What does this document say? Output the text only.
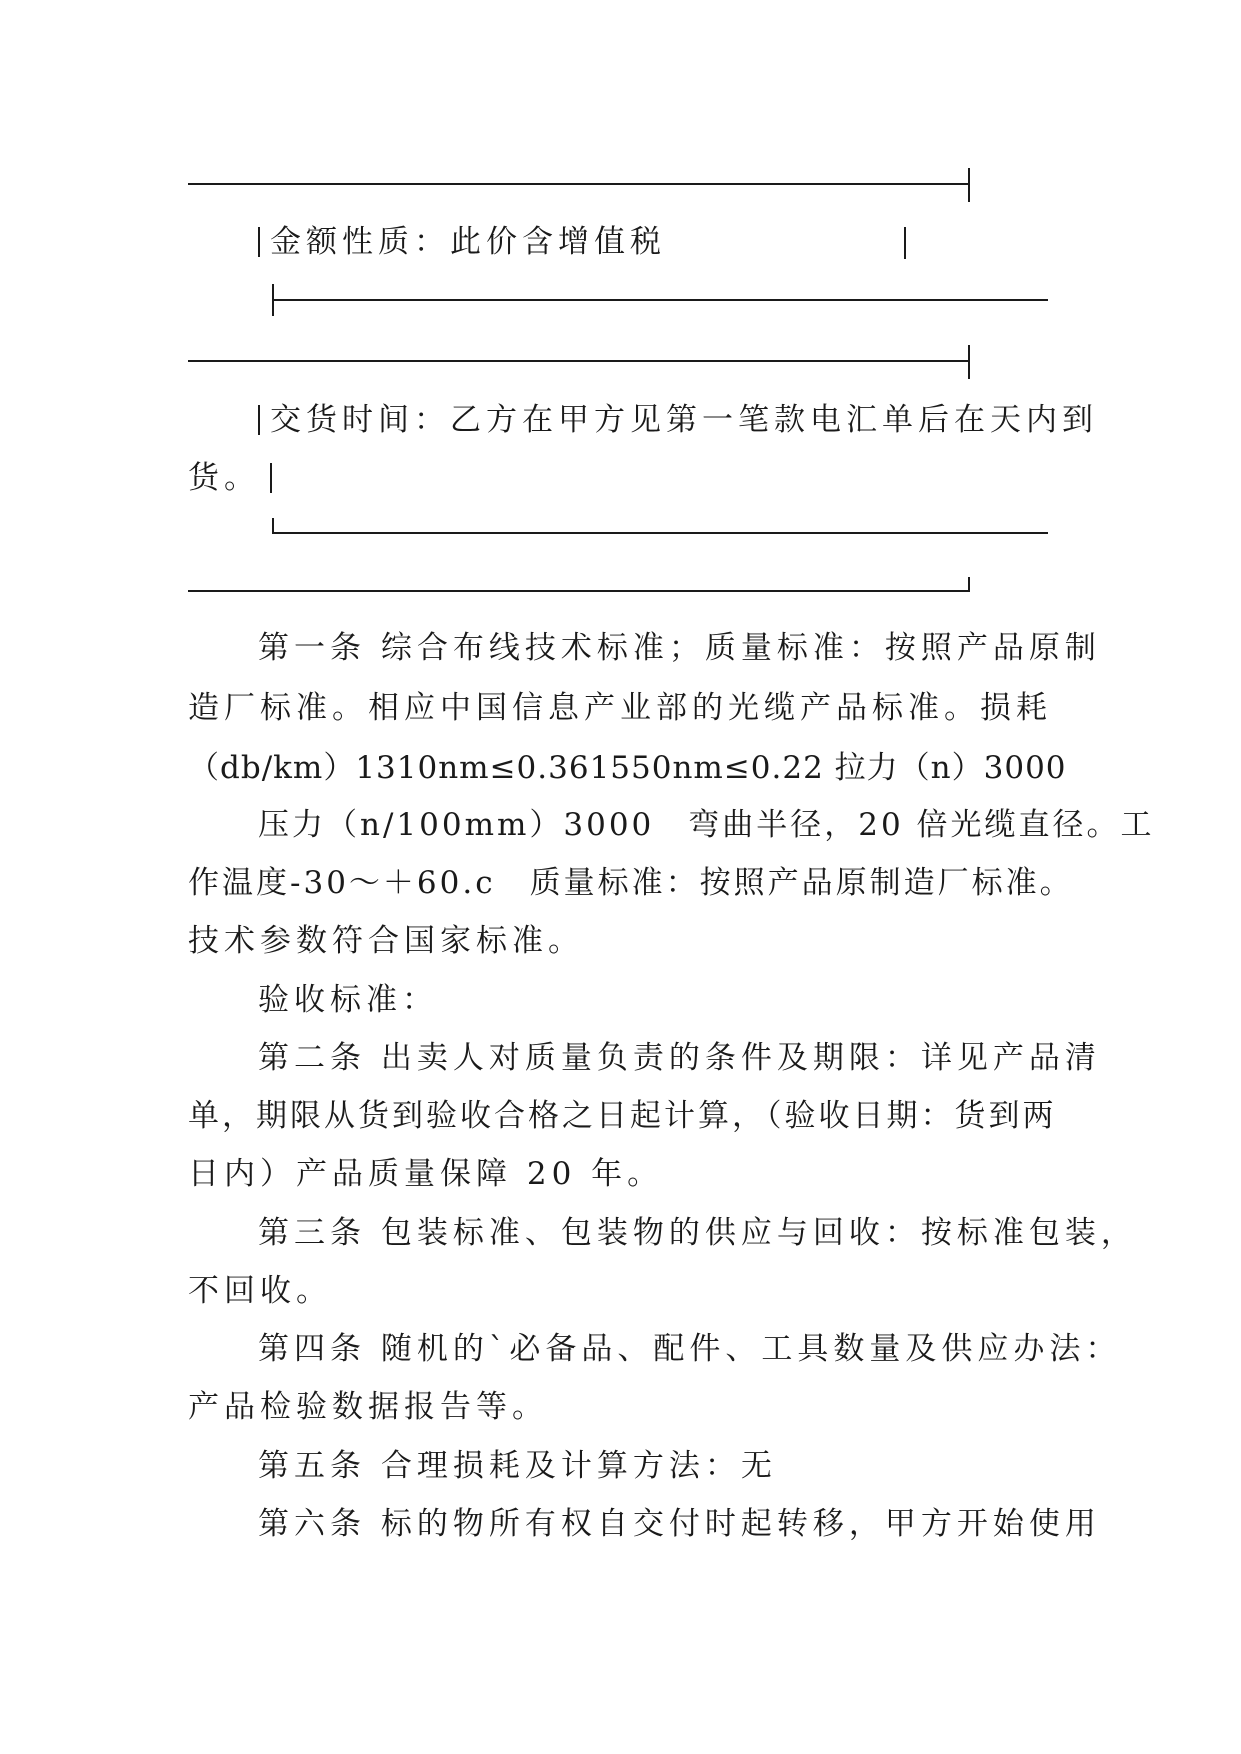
金额性质：此价含增值税
交货时间：乙方在甲方见第一笔款电汇单后在天内到
货。
第一条 综合布线技术标准；质量标准：按照产品原制
造厂标准。相应中国信息产业部的光缆产品标准。损耗
（db/km）1310nm≤0.361550nm≤0.22 拉力（n）3000
压力（n/100mm）3000　弯曲半径，20 倍光缆直径。工
作温度-30～＋60.c　质量标准：按照产品原制造厂标准。
技术参数符合国家标准。
验收标准：
第二条 出卖人对质量负责的条件及期限：详见产品清
单，期限从货到验收合格之日起计算，（验收日期：货到两
日内）产品质量保障 20 年。
第三条 包装标准、包装物的供应与回收：按标准包装，
不回收。
第四条 随机的`必备品、配件、工具数量及供应办法：
产品检验数据报告等。
第五条 合理损耗及计算方法：无
第六条 标的物所有权自交付时起转移，甲方开始使用
